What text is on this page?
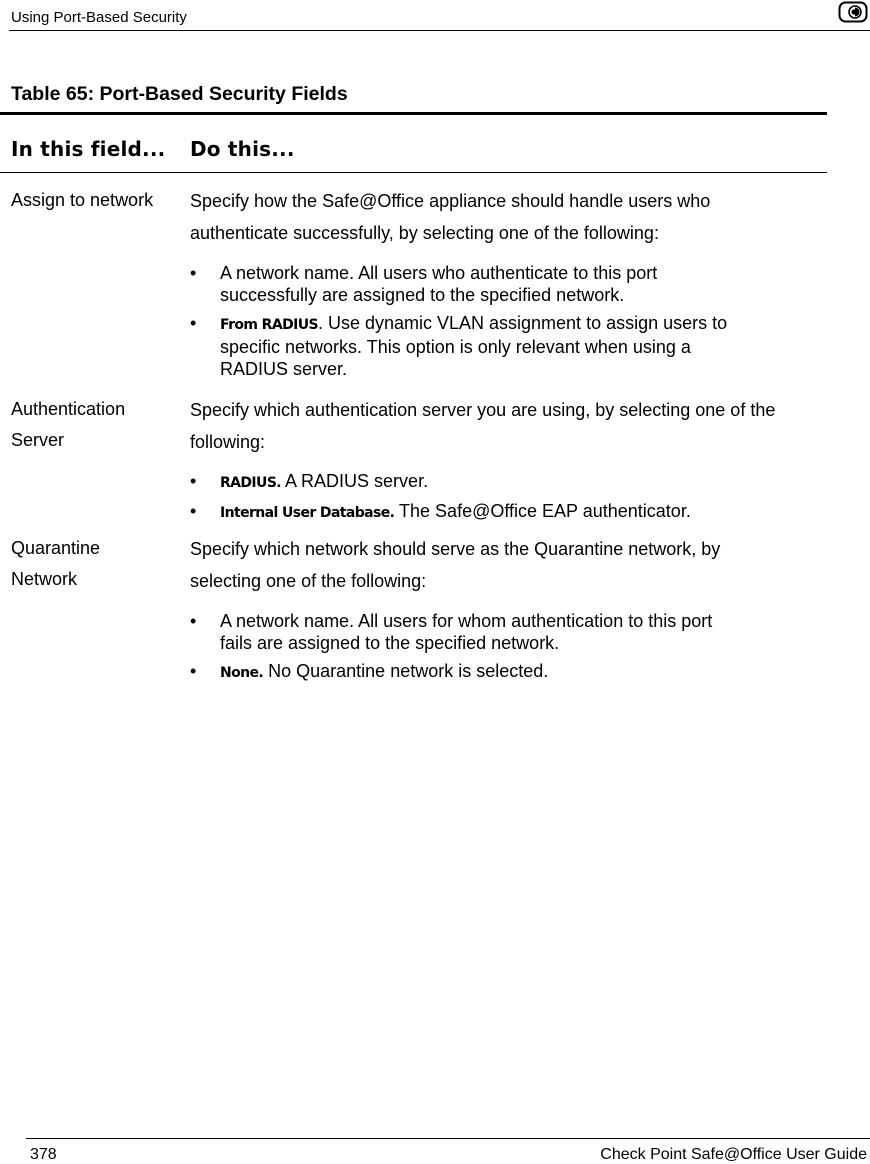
Using Port-Based Security
Table 65: Port-Based Security Fields
In this field... Do this...
Assign to network	Specify how the Safe@Office appliance should handle users who
authenticate successfully, by selecting one of the following:
• A network name. All users who authenticate to this port
successfully are assigned to the specified network.
• From RADIUS. Use dynamic VLAN assignment to assign users to
specific networks. This option is only relevant when using a
RADIUS server.
Authentication
Server
Specify which authentication server you are using, by selecting one of the
following:
• RADIUS. A RADIUS server.
• Internal User Database. The Safe@Office EAP authenticator.
Quarantine
Network
Specify which network should serve as the Quarantine network, by
selecting one of the following:
• A network name. All users for whom authentication to this port
fails are assigned to the specified network.
• None. No Quarantine network is selected.
378	Check Point Safe@Office User Guide
